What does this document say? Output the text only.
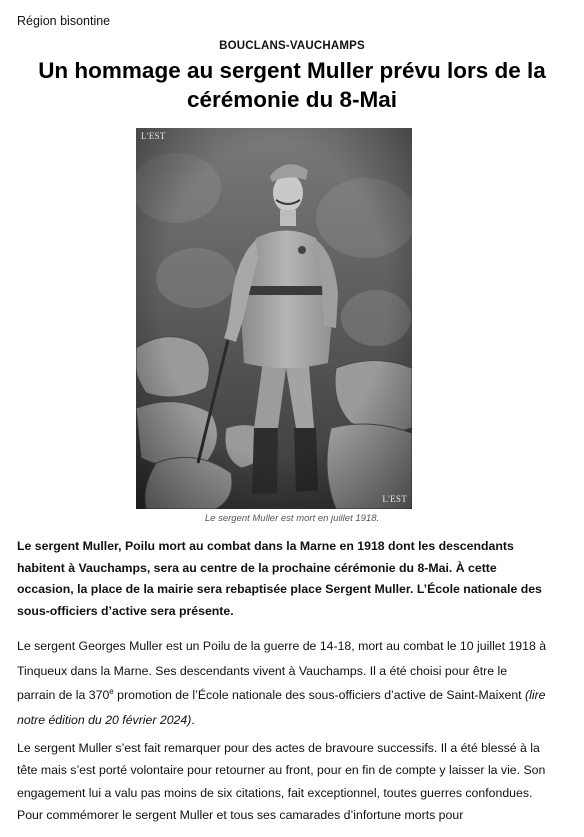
Région bisontine
BOUCLANS-VAUCHAMPS
Un hommage au sergent Muller prévu lors de la cérémonie du 8-Mai
L'EST
L'EST
Le sergent Muller est mort en juillet 1918.

Le sergent Muller, Poilu mort au combat dans la Marne en 1918 dont les descendants habitent à Vauchamps, sera au centre de la prochaine cérémonie du 8-Mai. À cette occasion, la place de la mairie sera rebaptisée place Sergent Muller. L’École nationale des sous-officiers d’active sera présente.

Le sergent Georges Muller est un Poilu de la guerre de 14-18, mort au combat le 10 juillet 1918 à Tinqueux dans la Marne. Ses descendants vivent à Vauchamps. Il a été choisi pour être le parrain de la 370e promotion de l’École nationale des sous-officiers d’active de Saint-Maixent (lire notre édition du 20 février 2024).

Le sergent Muller s’est fait remarquer pour des actes de bravoure successifs. Il a été blessé à la tête mais s’est porté volontaire pour retourner au front, pour en fin de compte y laisser la vie. Son engagement lui a valu pas moins de six citations, fait exceptionnel, toutes guerres confondues. Pour commémorer le sergent Muller et tous ses camarades d’infortune morts pour
